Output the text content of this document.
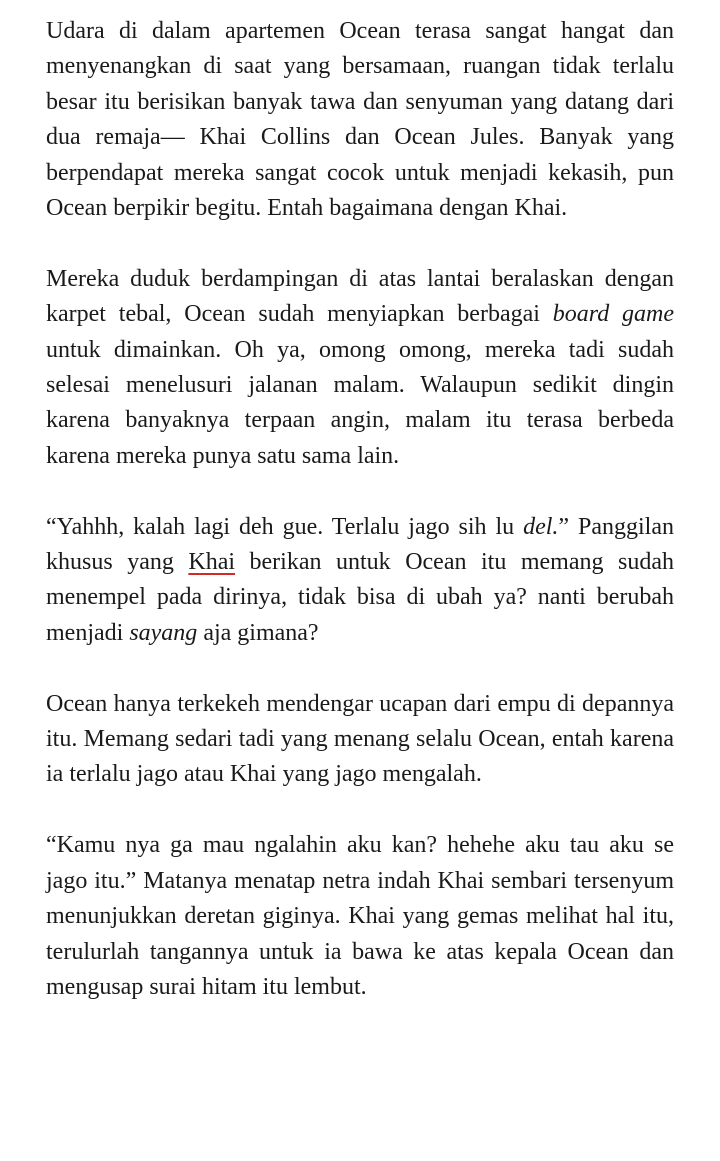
Udara di dalam apartemen Ocean terasa sangat hangat dan menyenangkan di saat yang bersamaan, ruangan tidak terlalu besar itu berisikan banyak tawa dan senyuman yang datang dari dua remaja— Khai Collins dan Ocean Jules. Banyak yang berpendapat mereka sangat cocok untuk menjadi kekasih, pun Ocean berpikir begitu. Entah bagaimana dengan Khai.

Mereka duduk berdampingan di atas lantai beralaskan dengan karpet tebal, Ocean sudah menyiapkan berbagai board game untuk dimainkan. Oh ya, omong omong, mereka tadi sudah selesai menelusuri jalanan malam. Walaupun sedikit dingin karena banyaknya terpaan angin, malam itu terasa berbeda karena mereka punya satu sama lain.

“Yahhh, kalah lagi deh gue. Terlalu jago sih lu del.” Panggilan khusus yang Khai berikan untuk Ocean itu memang sudah menempel pada dirinya, tidak bisa di ubah ya? nanti berubah menjadi sayang aja gimana?

Ocean hanya terkekeh mendengar ucapan dari empu di depannya itu. Memang sedari tadi yang menang selalu Ocean, entah karena ia terlalu jago atau Khai yang jago mengalah.

“Kamu nya ga mau ngalahin aku kan? hehehe aku tau aku se jago itu.” Matanya menatap netra indah Khai sembari tersenyum menunjukkan deretan giginya. Khai yang gemas melihat hal itu, terulurlah tangannya untuk ia bawa ke atas kepala Ocean dan mengusap surai hitam itu lembut.
